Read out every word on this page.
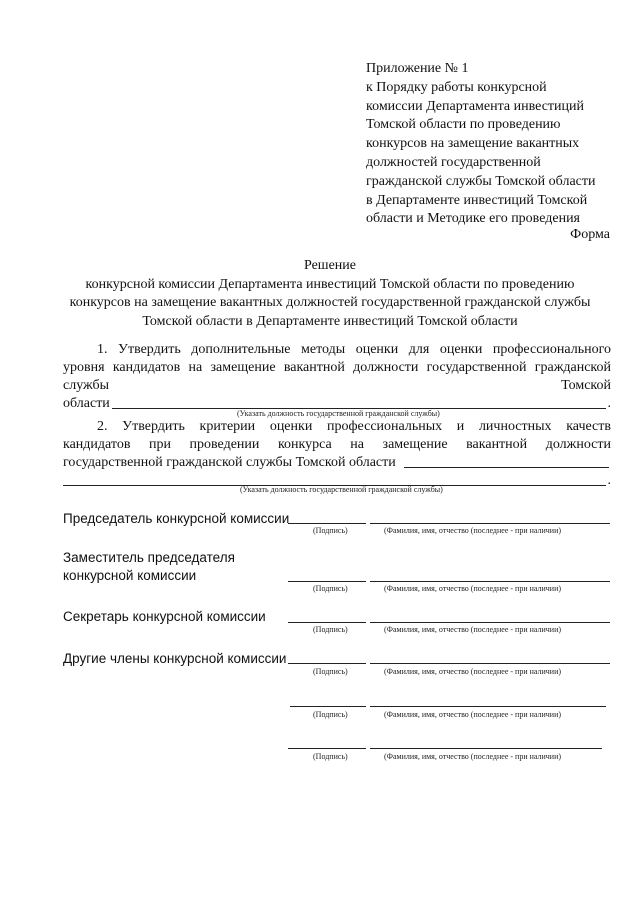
Приложение № 1
к Порядку работы конкурсной
комиссии Департамента инвестиций
Томской области по проведению
конкурсов на замещение вакантных
должностей государственной
гражданской службы Томской области
в Департаменте инвестиций Томской
области и Методике его проведения
Форма
Решение
конкурсной комиссии Департамента инвестиций Томской области по проведению
конкурсов на замещение вакантных должностей государственной гражданской службы
Томской области в Департаменте инвестиций Томской области
1. Утвердить дополнительные методы оценки для оценки профессионального
уровня кандидатов на замещение вакантной должности государственной гражданской
службы	Томской
области	.
(Указать должность государственной гражданской службы)
2. Утвердить критерии оценки профессиональных и личностных качеств
кандидатов при проведении конкурса на замещение вакантной должности
государственной гражданской службы Томской области
.
(Указать должность государственной гражданской службы)
Председатель конкурсной комиссии
(Подпись)	(Фамилия, имя, отчество (последнее - при наличии)
Заместитель председателя
конкурсной комиссии
(Подпись)	(Фамилия, имя, отчество (последнее - при наличии)
Секретарь конкурсной комиссии
(Подпись)	(Фамилия, имя, отчество (последнее - при наличии)
Другие члены конкурсной комиссии
(Подпись)	(Фамилия, имя, отчество (последнее - при наличии)
(Подпись)	(Фамилия, имя, отчество (последнее - при наличии)
(Подпись)	(Фамилия, имя, отчество (последнее - при наличии)
